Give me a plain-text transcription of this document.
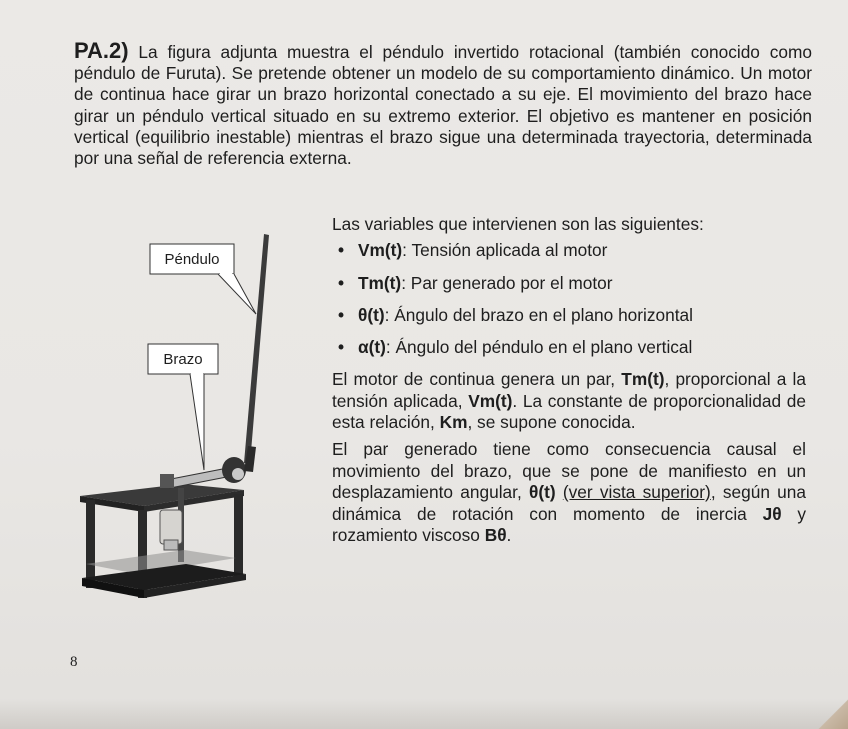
PA.2) La figura adjunta muestra el péndulo invertido rotacional (también conocido como péndulo de Furuta). Se pretende obtener un modelo de su comportamiento dinámico. Un motor de continua hace girar un brazo horizontal conectado a su eje. El movimiento del brazo hace girar un péndulo vertical situado en su extremo exterior. El objetivo es mantener en posición vertical (equilibrio inestable) mientras el brazo sigue una determinada trayectoria, determinada por una señal de referencia externa.

Péndulo
Brazo

Las variables que intervienen son las siguientes:

• Vm(t): Tensión aplicada al motor
• Tm(t): Par generado por el motor
• θ(t): Ángulo del brazo en el plano horizontal
• α(t): Ángulo del péndulo en el plano vertical

El motor de continua genera un par, Tm(t), proporcional a la tensión aplicada, Vm(t). La constante de proporcionalidad de esta relación, Km, se supone conocida.

El par generado tiene como consecuencia causal el movimiento del brazo, que se pone de manifiesto en un desplazamiento angular, θ(t) (ver vista superior), según una dinámica de rotación con momento de inercia Jθ y rozamiento viscoso Bθ.

8
